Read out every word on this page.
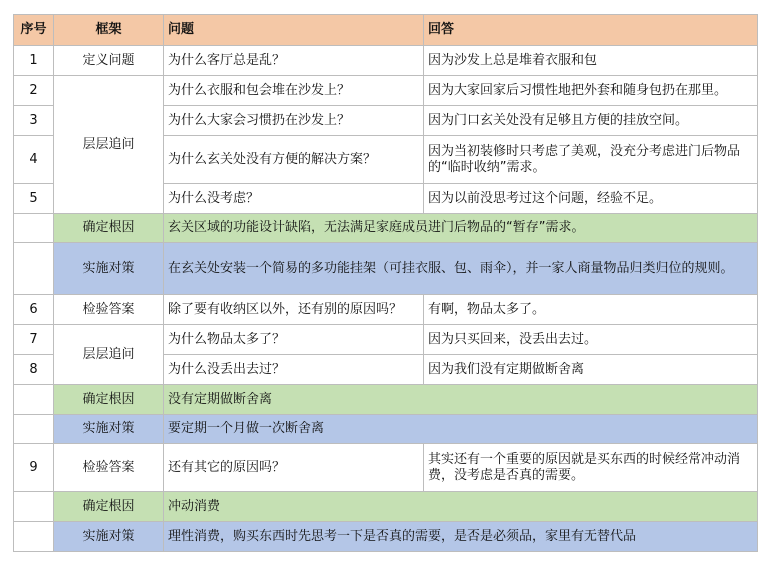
序号	框架	问题	回答
1	定义问题	为什么客厅总是乱？	因为沙发上总是堆着衣服和包
2	层层追问	为什么衣服和包会堆在沙发上？	因为大家回家后习惯性地把外套和随身包扔在那里。
3		为什么大家会习惯扔在沙发上？	因为门口玄关处没有足够且方便的挂放空间。
4		为什么玄关处没有方便的解决方案？	因为当初装修时只考虑了美观，没充分考虑进门后物品的“临时收纳”需求。
5		为什么没考虑？	因为以前没思考过这个问题，经验不足。
	确定根因	玄关区域的功能设计缺陷，无法满足家庭成员进门后物品的“暂存”需求。	
	实施对策	在玄关处安装一个简易的多功能挂架（可挂衣服、包、雨伞），并一家人商量物品归类归位的规则。	
6	检验答案	除了要有收纳区以外，还有别的原因吗？	有啊，物品太多了。
7	层层追问	为什么物品太多了？	因为只买回来，没丢出去过。
8		为什么没丢出去过？	因为我们没有定期做断舍离
	确定根因	没有定期做断舍离	
	实施对策	要定期一个月做一次断舍离	
9	检验答案	还有其它的原因吗？	其实还有一个重要的原因就是买东西的时候经常冲动消费，没考虑是否真的需要。
	确定根因	冲动消费	
	实施对策	理性消费，购买东西时先思考一下是否真的需要，是否是必须品，家里有无替代品	
